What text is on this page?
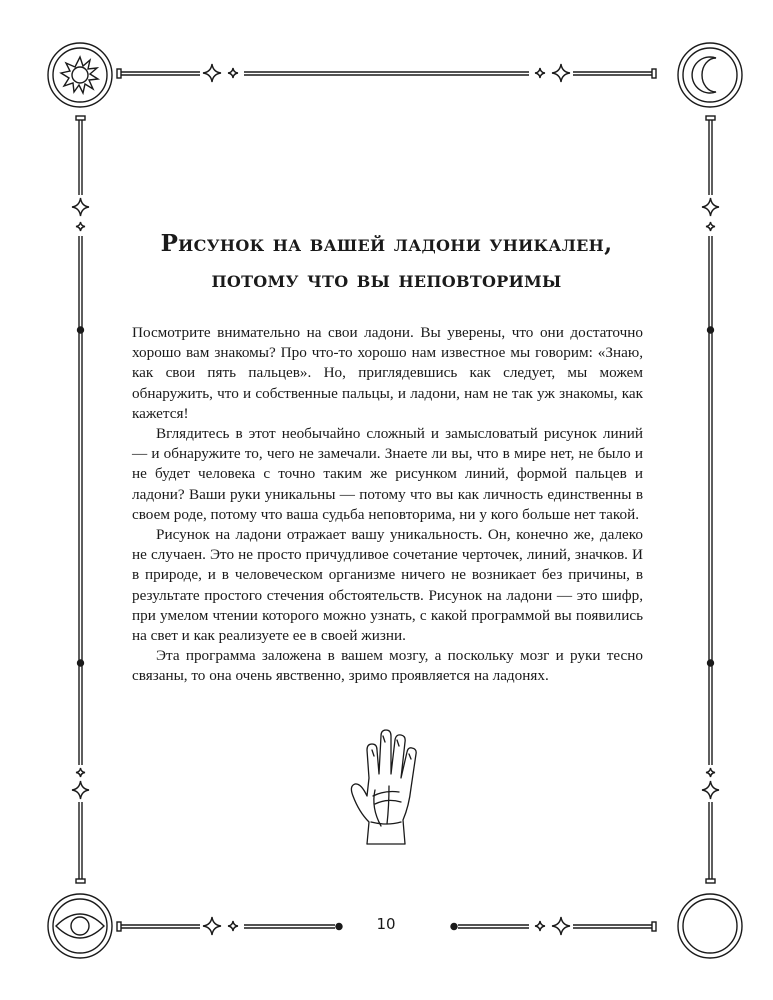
Рисунок на вашей ладони уникален,
потому что вы неповторимы

Посмотрите внимательно на свои ладони. Вы уверены, что они достаточно хорошо вам знакомы? Про что-то хорошо нам известное мы говорим: «Знаю, как свои пять пальцев». Но, приглядевшись как следует, мы можем обнаружить, что и собственные пальцы, и ладони, нам не так уж знакомы, как кажется!

Вглядитесь в этот необычайно сложный и замысловатый рисунок линий — и обнаружите то, чего не замечали. Знаете ли вы, что в мире нет, не было и не будет человека с точно таким же рисунком линий, формой пальцев и ладони? Ваши руки уникальны — потому что вы как личность единственны в своем роде, потому что ваша судьба неповторима, ни у кого больше нет такой.

Рисунок на ладони отражает вашу уникальность. Он, конечно же, далеко не случаен. Это не просто причудливое сочетание черточек, линий, значков. И в природе, и в человеческом организме ничего не возникает без причины, в результате простого стечения обстоятельств. Рисунок на ладони — это шифр, при умелом чтении которого можно узнать, с какой программой вы появились на свет и как реализуете ее в своей жизни.

Эта программа заложена в вашем мозгу, а поскольку мозг и руки тесно связаны, то она очень явственно, зримо проявляется на ладонях.

10
